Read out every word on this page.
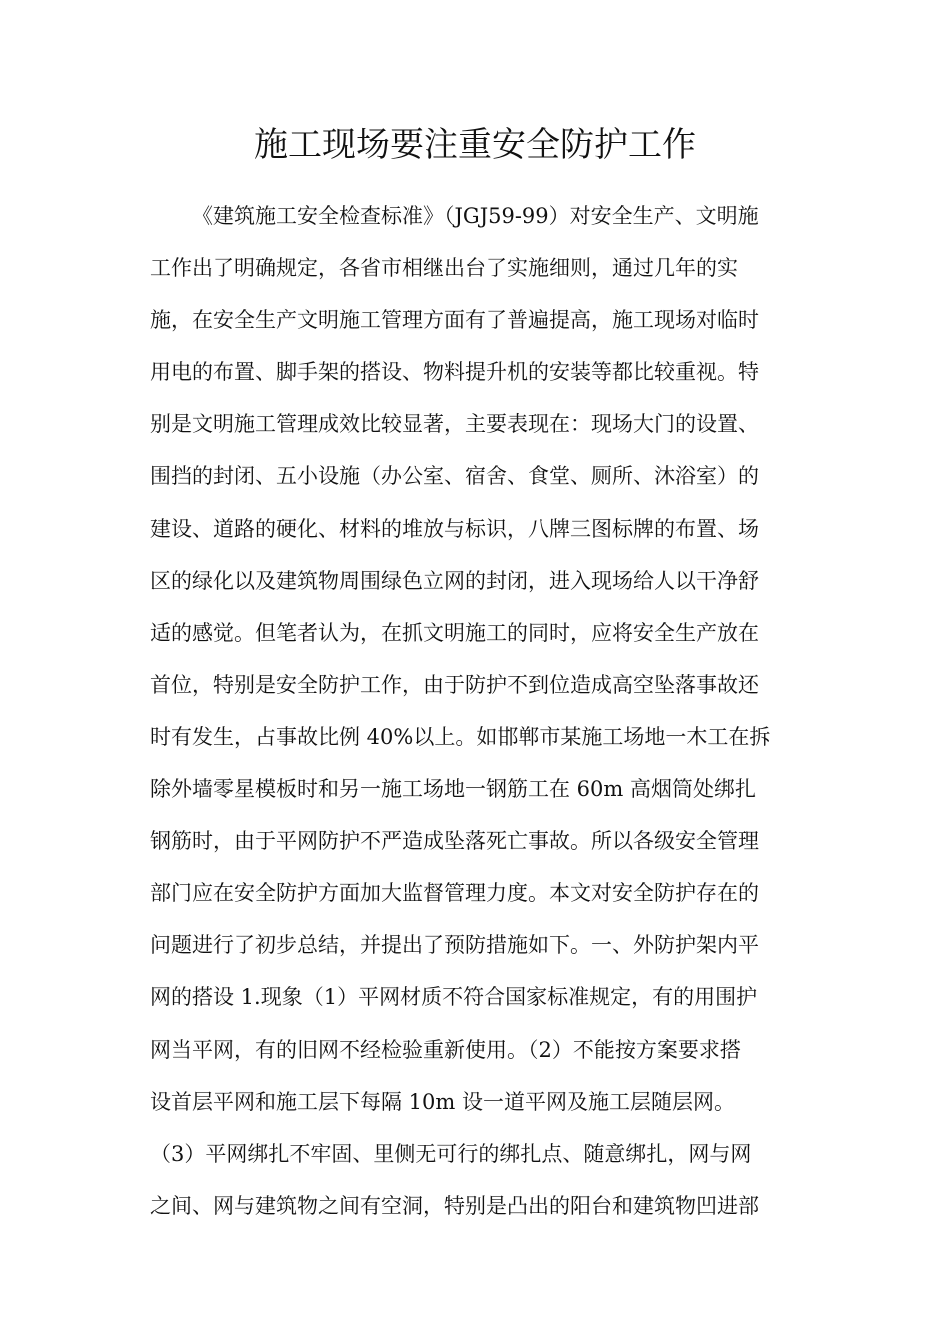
施工现场要注重安全防护工作
《建筑施工安全检查标准》（JGJ59-99）对安全生产、文明施
工作出了明确规定，各省市相继出台了实施细则，通过几年的实
施，在安全生产文明施工管理方面有了普遍提高，施工现场对临时
用电的布置、脚手架的搭设、物料提升机的安装等都比较重视。特
别是文明施工管理成效比较显著，主要表现在：现场大门的设置、
围挡的封闭、五小设施（办公室、宿舍、食堂、厕所、沐浴室）的
建设、道路的硬化、材料的堆放与标识，八牌三图标牌的布置、场
区的绿化以及建筑物周围绿色立网的封闭，进入现场给人以干净舒
适的感觉。但笔者认为，在抓文明施工的同时，应将安全生产放在
首位，特别是安全防护工作，由于防护不到位造成高空坠落事故还
时有发生，占事故比例 40%以上。如邯郸市某施工场地一木工在拆
除外墙零星模板时和另一施工场地一钢筋工在 60m 高烟筒处绑扎
钢筋时，由于平网防护不严造成坠落死亡事故。所以各级安全管理
部门应在安全防护方面加大监督管理力度。本文对安全防护存在的
问题进行了初步总结，并提出了预防措施如下。一、外防护架内平
网的搭设 1.现象（1）平网材质不符合国家标准规定，有的用围护
网当平网，有的旧网不经检验重新使用。（2）不能按方案要求搭
设首层平网和施工层下每隔 10m 设一道平网及施工层随层网。
（3）平网绑扎不牢固、里侧无可行的绑扎点、随意绑扎，网与网
之间、网与建筑物之间有空洞，特别是凸出的阳台和建筑物凹进部
